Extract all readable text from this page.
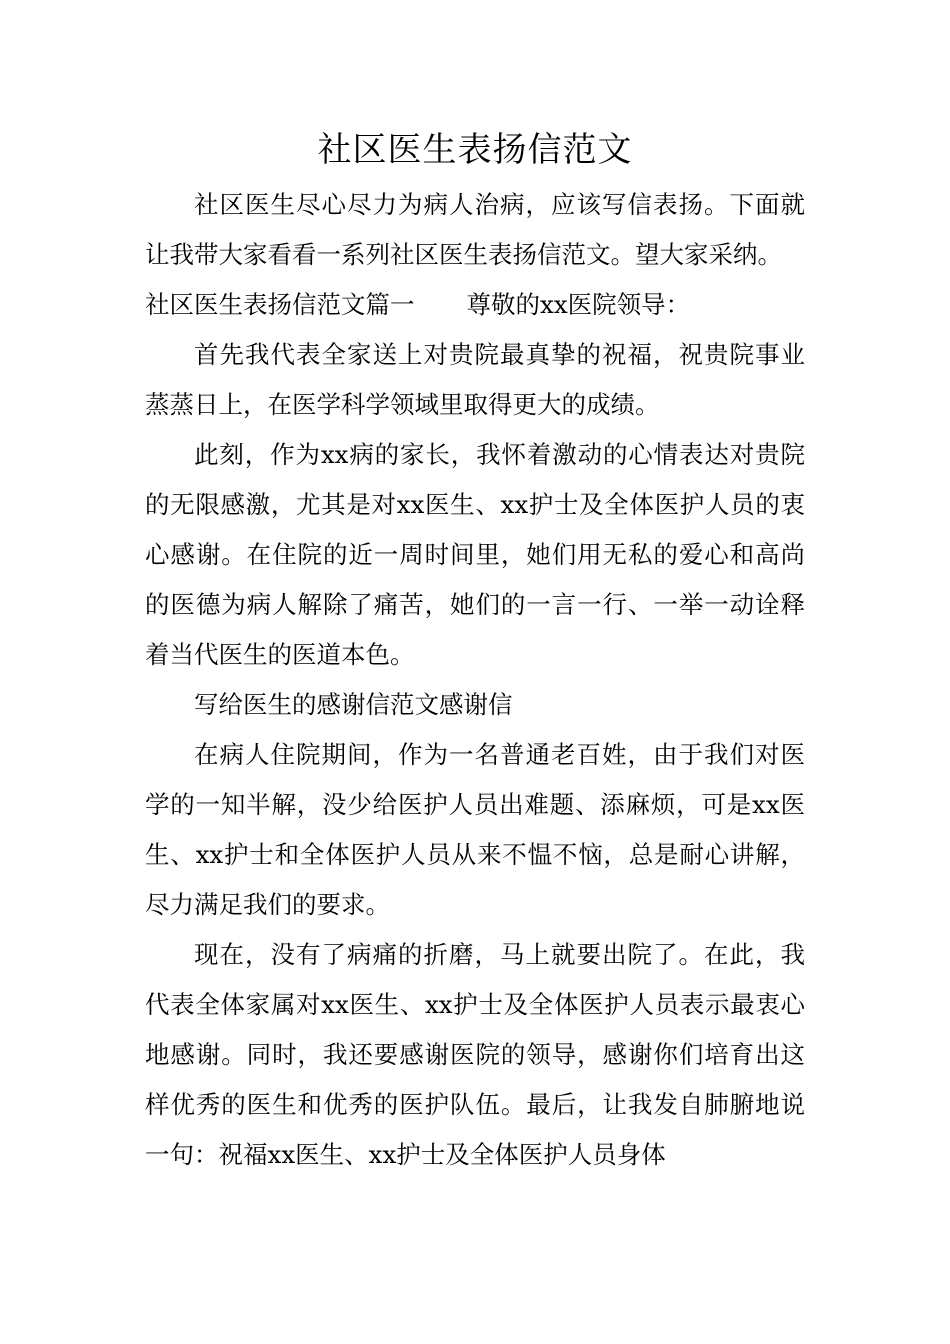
社区医生表扬信范文

社区医生尽心尽力为病人治病，应该写信表扬。下面就让我带大家看看一系列社区医生表扬信范文。望大家采纳。

社区医生表扬信范文篇一 尊敬的xx医院领导：

首先我代表全家送上对贵院最真挚的祝福，祝贵院事业蒸蒸日上，在医学科学领域里取得更大的成绩。

此刻，作为xx病的家长，我怀着激动的心情表达对贵院的无限感激，尤其是对xx医生、xx护士及全体医护人员的衷心感谢。在住院的近一周时间里，她们用无私的爱心和高尚的医德为病人解除了痛苦，她们的一言一行、一举一动诠释着当代医生的医道本色。

写给医生的感谢信范文感谢信

在病人住院期间，作为一名普通老百姓，由于我们对医学的一知半解，没少给医护人员出难题、添麻烦，可是xx医生、xx护士和全体医护人员从来不愠不恼，总是耐心讲解，尽力满足我们的要求。

现在，没有了病痛的折磨，马上就要出院了。在此，我代表全体家属对xx医生、xx护士及全体医护人员表示最衷心地感谢。同时，我还要感谢医院的领导，感谢你们培育出这样优秀的医生和优秀的医护队伍。最后，让我发自肺腑地说一句：祝福xx医生、xx护士及全体医护人员身体
